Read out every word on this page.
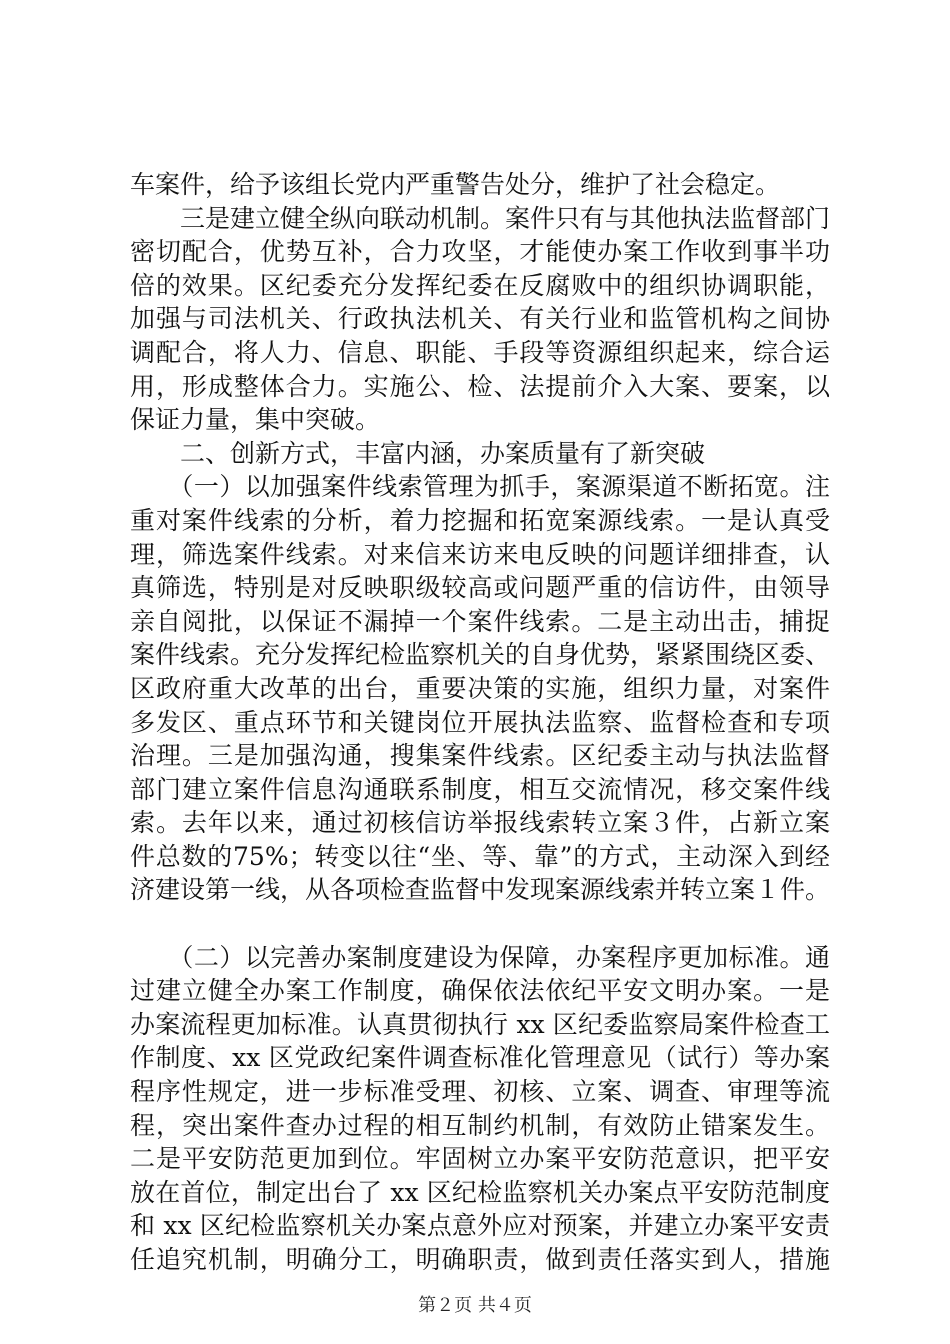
车案件，给予该组长党内严重警告处分，维护了社会稳定。
　　三是建立健全纵向联动机制。案件只有与其他执法监督部门
密切配合，优势互补，合力攻坚，才能使办案工作收到事半功
倍的效果。区纪委充分发挥纪委在反腐败中的组织协调职能，
加强与司法机关、行政执法机关、有关行业和监管机构之间协
调配合，将人力、信息、职能、手段等资源组织起来，综合运
用，形成整体合力。实施公、检、法提前介入大案、要案，以
保证力量，集中突破。
　　二、创新方式，丰富内涵，办案质量有了新突破
　　（一）以加强案件线索管理为抓手，案源渠道不断拓宽。注
重对案件线索的分析，着力挖掘和拓宽案源线索。一是认真受
理，筛选案件线索。对来信来访来电反映的问题详细排查，认
真筛选，特别是对反映职级较高或问题严重的信访件，由领导
亲自阅批，以保证不漏掉一个案件线索。二是主动出击，捕捉
案件线索。充分发挥纪检监察机关的自身优势，紧紧围绕区委、
区政府重大改革的出台，重要决策的实施，组织力量，对案件
多发区、重点环节和关键岗位开展执法监察、监督检查和专项
治理。三是加强沟通，搜集案件线索。区纪委主动与执法监督
部门建立案件信息沟通联系制度，相互交流情况，移交案件线
索。去年以来，通过初核信访举报线索转立案３件，占新立案
件总数的75%；转变以往“坐、等、靠”的方式，主动深入到经
济建设第一线，从各项检查监督中发现案源线索并转立案１件。
　　（二）以完善办案制度建设为保障，办案程序更加标准。通
过建立健全办案工作制度，确保依法依纪平安文明办案。一是
办案流程更加标准。认真贯彻执行 xx 区纪委监察局案件检查工
作制度、xx 区党政纪案件调查标准化管理意见（试行）等办案
程序性规定，进一步标准受理、初核、立案、调查、审理等流
程，突出案件查办过程的相互制约机制，有效防止错案发生。
二是平安防范更加到位。牢固树立办案平安防范意识，把平安
放在首位，制定出台了 xx 区纪检监察机关办案点平安防范制度
和 xx 区纪检监察机关办案点意外应对预案，并建立办案平安责
任追究机制，明确分工，明确职责，做到责任落实到人，措施
第２页 共４页
